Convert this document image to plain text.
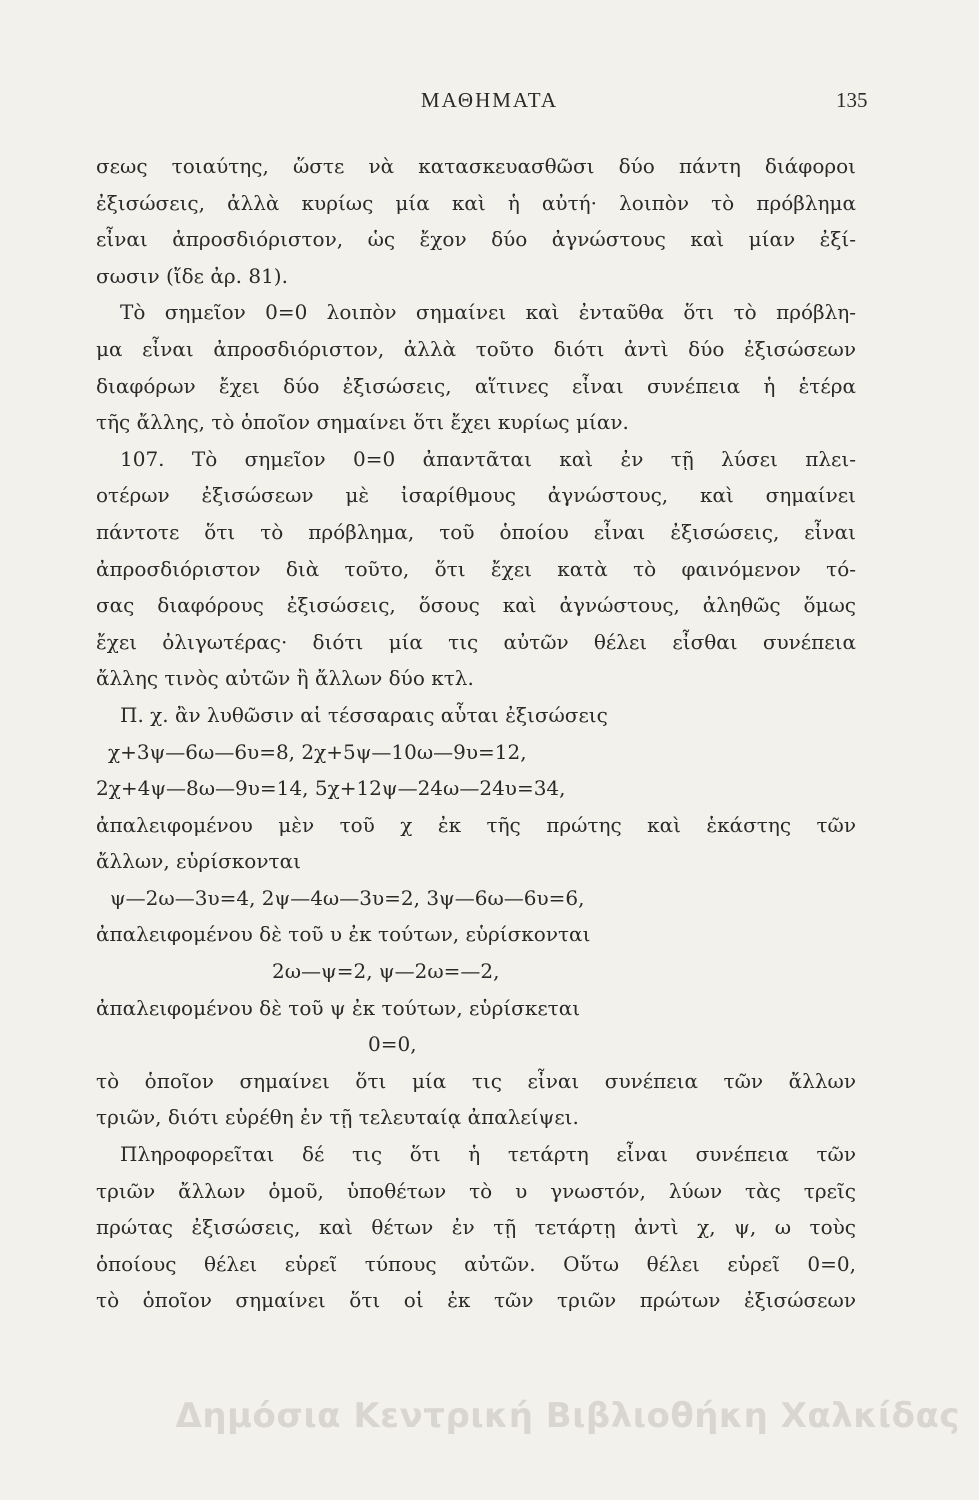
ΜΑΘΗΜΑΤΑ	135
σεως τοιαύτης, ὥστε νὰ κατασκευασθῶσι δύο πάντη διάφοροι
ἐξισώσεις, ἀλλὰ κυρίως μία καὶ ἡ αὐτή· λοιπὸν τὸ πρόβλημα
εἶναι ἀπροσδιόριστον, ὡς ἔχον δύο ἀγνώστους καὶ μίαν ἐξί-
σωσιν (ἴδε ἀρ. 81).
Τὸ σημεῖον 0=0 λοιπὸν σημαίνει καὶ ἐνταῦθα ὅτι τὸ πρόβλη-
μα εἶναι ἀπροσδιόριστον, ἀλλὰ τοῦτο διότι ἀντὶ δύο ἐξισώσεων
διαφόρων ἔχει δύο ἐξισώσεις, αἵτινες εἶναι συνέπεια ἡ ἑτέρα
τῆς ἄλλης, τὸ ὁποῖον σημαίνει ὅτι ἔχει κυρίως μίαν.
107. Τὸ σημεῖον 0=0 ἀπαντᾶται καὶ ἐν τῇ λύσει πλει-
οτέρων ἐξισώσεων μὲ ἰσαρίθμους ἀγνώστους, καὶ σημαίνει
πάντοτε ὅτι τὸ πρόβλημα, τοῦ ὁποίου εἶναι ἐξισώσεις, εἶναι
ἀπροσδιόριστον διὰ τοῦτο, ὅτι ἔχει κατὰ τὸ φαινόμενον τό-
σας διαφόρους ἐξισώσεις, ὅσους καὶ ἀγνώστους, ἀληθῶς ὅμως
ἔχει ὀλιγωτέρας· διότι μία τις αὐτῶν θέλει εἶσθαι συνέπεια
ἄλλης τινὸς αὐτῶν ἢ ἄλλων δύο κτλ.
Π. χ. ἂν λυθῶσιν αἱ τέσσαραις αὗται ἐξισώσεις
χ+3ψ—6ω—6υ=8, 2χ+5ψ—10ω—9υ=12,
2χ+4ψ—8ω—9υ=14, 5χ+12ψ—24ω—24υ=34,
ἀπαλειφομένου μὲν τοῦ χ ἐκ τῆς πρώτης καὶ ἑκάστης τῶν
ἄλλων, εὑρίσκονται
ψ—2ω—3υ=4, 2ψ—4ω—3υ=2, 3ψ—6ω—6υ=6,
ἀπαλειφομένου δὲ τοῦ υ ἐκ τούτων, εὑρίσκονται
2ω—ψ=2, ψ—2ω=—2,
ἀπαλειφομένου δὲ τοῦ ψ ἐκ τούτων, εὑρίσκεται
0=0,
τὸ ὁποῖον σημαίνει ὅτι μία τις εἶναι συνέπεια τῶν ἄλλων
τριῶν, διότι εὑρέθη ἐν τῇ τελευταίᾳ ἀπαλείψει.
Πληροφορεῖται δέ τις ὅτι ἡ τετάρτη εἶναι συνέπεια τῶν
τριῶν ἄλλων ὁμοῦ, ὑποθέτων τὸ υ γνωστόν, λύων τὰς τρεῖς
πρώτας ἐξισώσεις, καὶ θέτων ἐν τῇ τετάρτῃ ἀντὶ χ, ψ, ω τοὺς
ὁποίους θέλει εὑρεῖ τύπους αὐτῶν. Οὕτω θέλει εὑρεῖ 0=0,
τὸ ὁποῖον σημαίνει ὅτι οἱ ἐκ τῶν τριῶν πρώτων ἐξισώσεων
Δημόσια Κεντρική Βιβλιοθήκη Χαλκίδας
